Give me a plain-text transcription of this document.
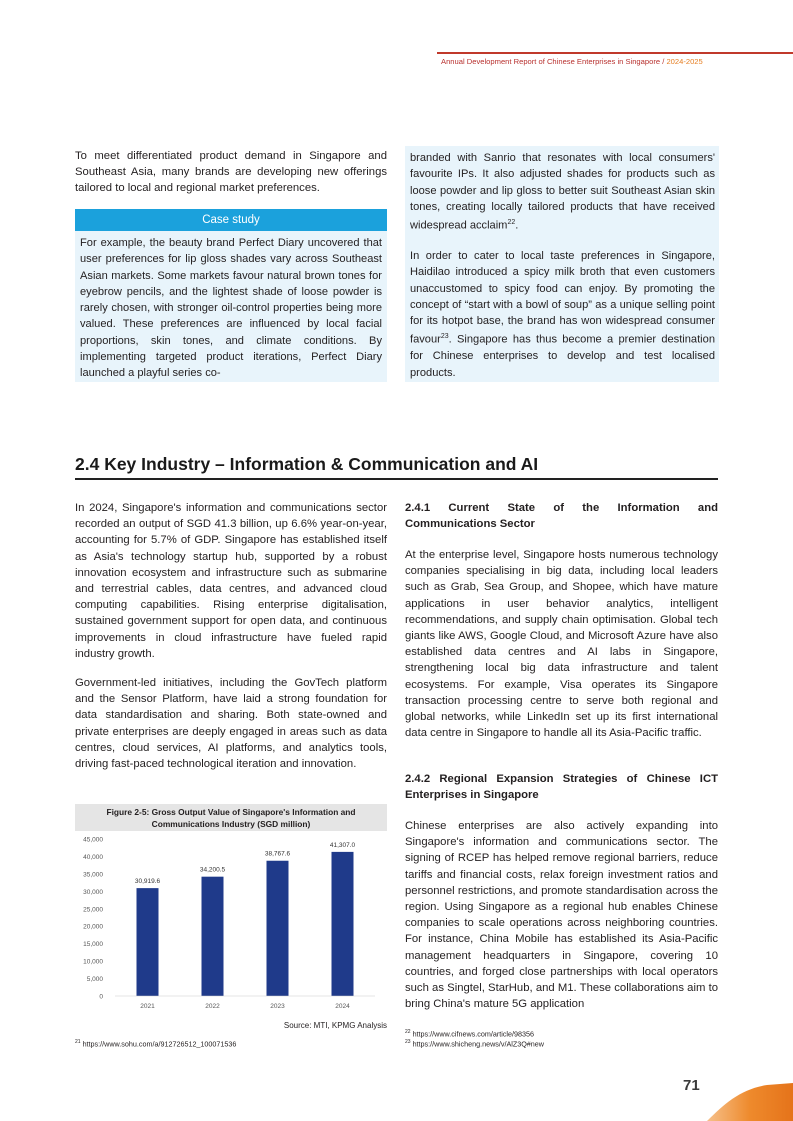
Annual Development Report of Chinese Enterprises in Singapore / 2024-2025

To meet differentiated product demand in Singapore and Southeast Asia, many brands are developing new offerings tailored to local and regional market preferences.

Case study

For example, the beauty brand Perfect Diary uncovered that user preferences for lip gloss shades vary across Southeast Asian markets. Some markets favour natural brown tones for eyebrow pencils, and the lightest shade of loose powder is rarely chosen, with stronger oil-control properties being more valued. These preferences are influenced by local facial proportions, skin tones, and climate conditions. By implementing targeted product iterations, Perfect Diary launched a playful series co-

branded with Sanrio that resonates with local consumers' favourite IPs. It also adjusted shades for products such as loose powder and lip gloss to better suit Southeast Asian skin tones, creating locally tailored products that have received widespread acclaim$^{22}$.

In order to cater to local taste preferences in Singapore, Haidilao introduced a spicy milk broth that even customers unaccustomed to spicy food can enjoy. By promoting the concept of “start with a bowl of soup” as a unique selling point for its hotpot base, the brand has won widespread consumer favour$^{23}$. Singapore has thus become a premier destination for Chinese enterprises to develop and test localised products.

2.4 Key Industry – Information & Communication and AI

In 2024, Singapore's information and communications sector recorded an output of SGD 41.3 billion, up 6.6% year-on-year, accounting for 5.7% of GDP. Singapore has established itself as Asia's technology startup hub, supported by a robust innovation ecosystem and infrastructure such as submarine and terrestrial cables, data centres, and advanced cloud computing capabilities. Rising enterprise digitalisation, sustained government support for open data, and continuous improvements in cloud infrastructure have fueled rapid industry growth.

Government-led initiatives, including the GovTech platform and the Sensor Platform, have laid a strong foundation for data standardisation and sharing. Both state-owned and private enterprises are deeply engaged in areas such as data centres, cloud services, AI platforms, and analytics tools, driving fast-paced technological iteration and innovation.

2.4.1 Current State of the Information and Communications Sector

At the enterprise level, Singapore hosts numerous technology companies specialising in big data, including local leaders such as Grab, Sea Group, and Shopee, which have mature applications in user behavior analytics, intelligent recommendations, and supply chain optimisation. Global tech giants like AWS, Google Cloud, and Microsoft Azure have also established data centres and AI labs in Singapore, strengthening local big data infrastructure and talent ecosystems. For example, Visa operates its Singapore transaction processing centre to serve both regional and global networks, while LinkedIn set up its first international data centre in Singapore to handle all its Asia-Pacific traffic.

2.4.2 Regional Expansion Strategies of Chinese ICT Enterprises in Singapore

Chinese enterprises are also actively expanding into Singapore's information and communications sector. The signing of RCEP has helped remove regional barriers, reduce tariffs and financial costs, relax foreign investment ratios and personnel restrictions, and promote standardisation across the region. Using Singapore as a regional hub enables Chinese companies to scale operations across neighboring countries. For instance, China Mobile has established its Asia-Pacific management headquarters in Singapore, covering 10 countries, and forged close partnerships with local operators such as Singtel, StarHub, and M1. These collaborations aim to bring China's mature 5G application

Figure 2-5: Gross Output Value of Singapore's Information and
Communications Industry (SGD million)
0
5,000
10,000
15,000
20,000
25,000
30,000
35,000
40,000
45,000
30,919.6
2021
34,200.5
2022
38,767.6
2023
41,307.0
2024
Source: MTI, KPMG Analysis
$^{21}$ https://www.sohu.com/a/912726512_100071536
$^{22}$ https://www.cifnews.com/article/98356
$^{23}$ https://www.shicheng.news/v/AlZ3Q#new
71
